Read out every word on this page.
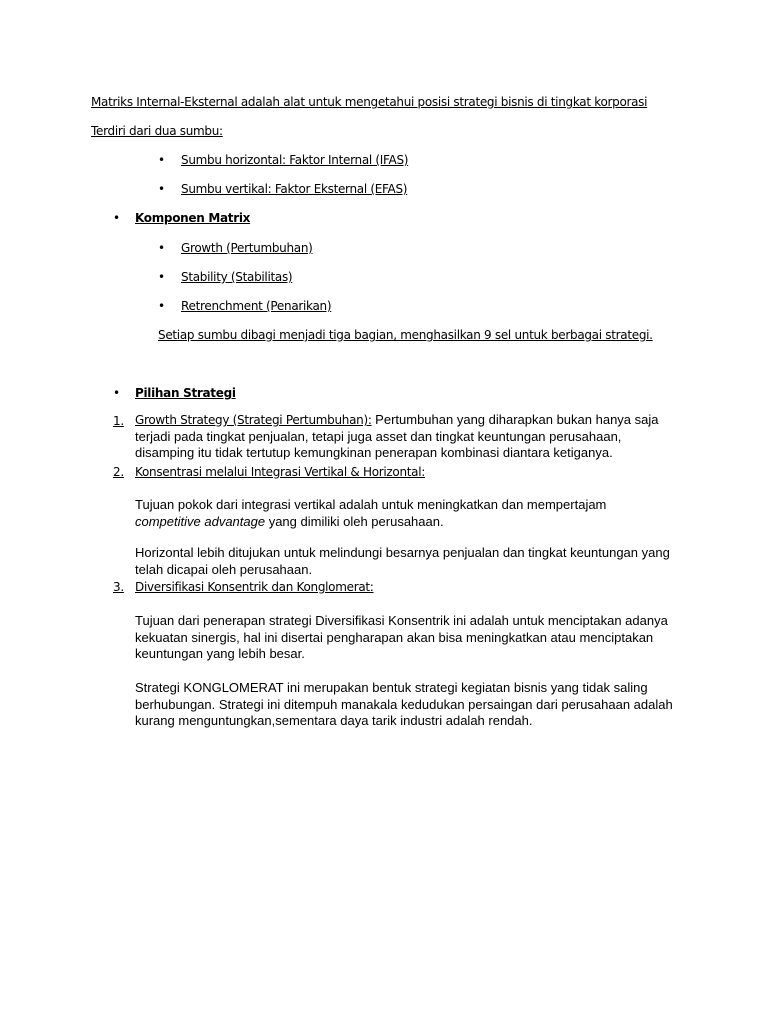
Matriks Internal-Eksternal adalah alat untuk mengetahui posisi strategi bisnis di tingkat korporasi
Terdiri dari dua sumbu:
• Sumbu horizontal: Faktor Internal (IFAS)
• Sumbu vertikal: Faktor Eksternal (EFAS)
• Komponen Matrix
• Growth (Pertumbuhan)
• Stability (Stabilitas)
• Retrenchment (Penarikan)
Setiap sumbu dibagi menjadi tiga bagian, menghasilkan 9 sel untuk berbagai strategi.
• Pilihan Strategi
1. Growth Strategy (Strategi Pertumbuhan): Pertumbuhan yang diharapkan bukan hanya saja terjadi pada tingkat penjualan, tetapi juga asset dan tingkat keuntungan perusahaan, disamping itu tidak tertutup kemungkinan penerapan kombinasi diantara ketiganya.
2. Konsentrasi melalui Integrasi Vertikal & Horizontal:
Tujuan pokok dari integrasi vertikal adalah untuk meningkatkan dan mempertajam competitive advantage yang dimiliki oleh perusahaan.
Horizontal lebih ditujukan untuk melindungi besarnya penjualan dan tingkat keuntungan yang telah dicapai oleh perusahaan.
3. Diversifikasi Konsentrik dan Konglomerat:
Tujuan dari penerapan strategi Diversifikasi Konsentrik ini adalah untuk menciptakan adanya kekuatan sinergis, hal ini disertai pengharapan akan bisa meningkatkan atau menciptakan keuntungan yang lebih besar.
Strategi KONGLOMERAT ini merupakan bentuk strategi kegiatan bisnis yang tidak saling berhubungan. Strategi ini ditempuh manakala kedudukan persaingan dari perusahaan adalah kurang menguntungkan,sementara daya tarik industri adalah rendah.
